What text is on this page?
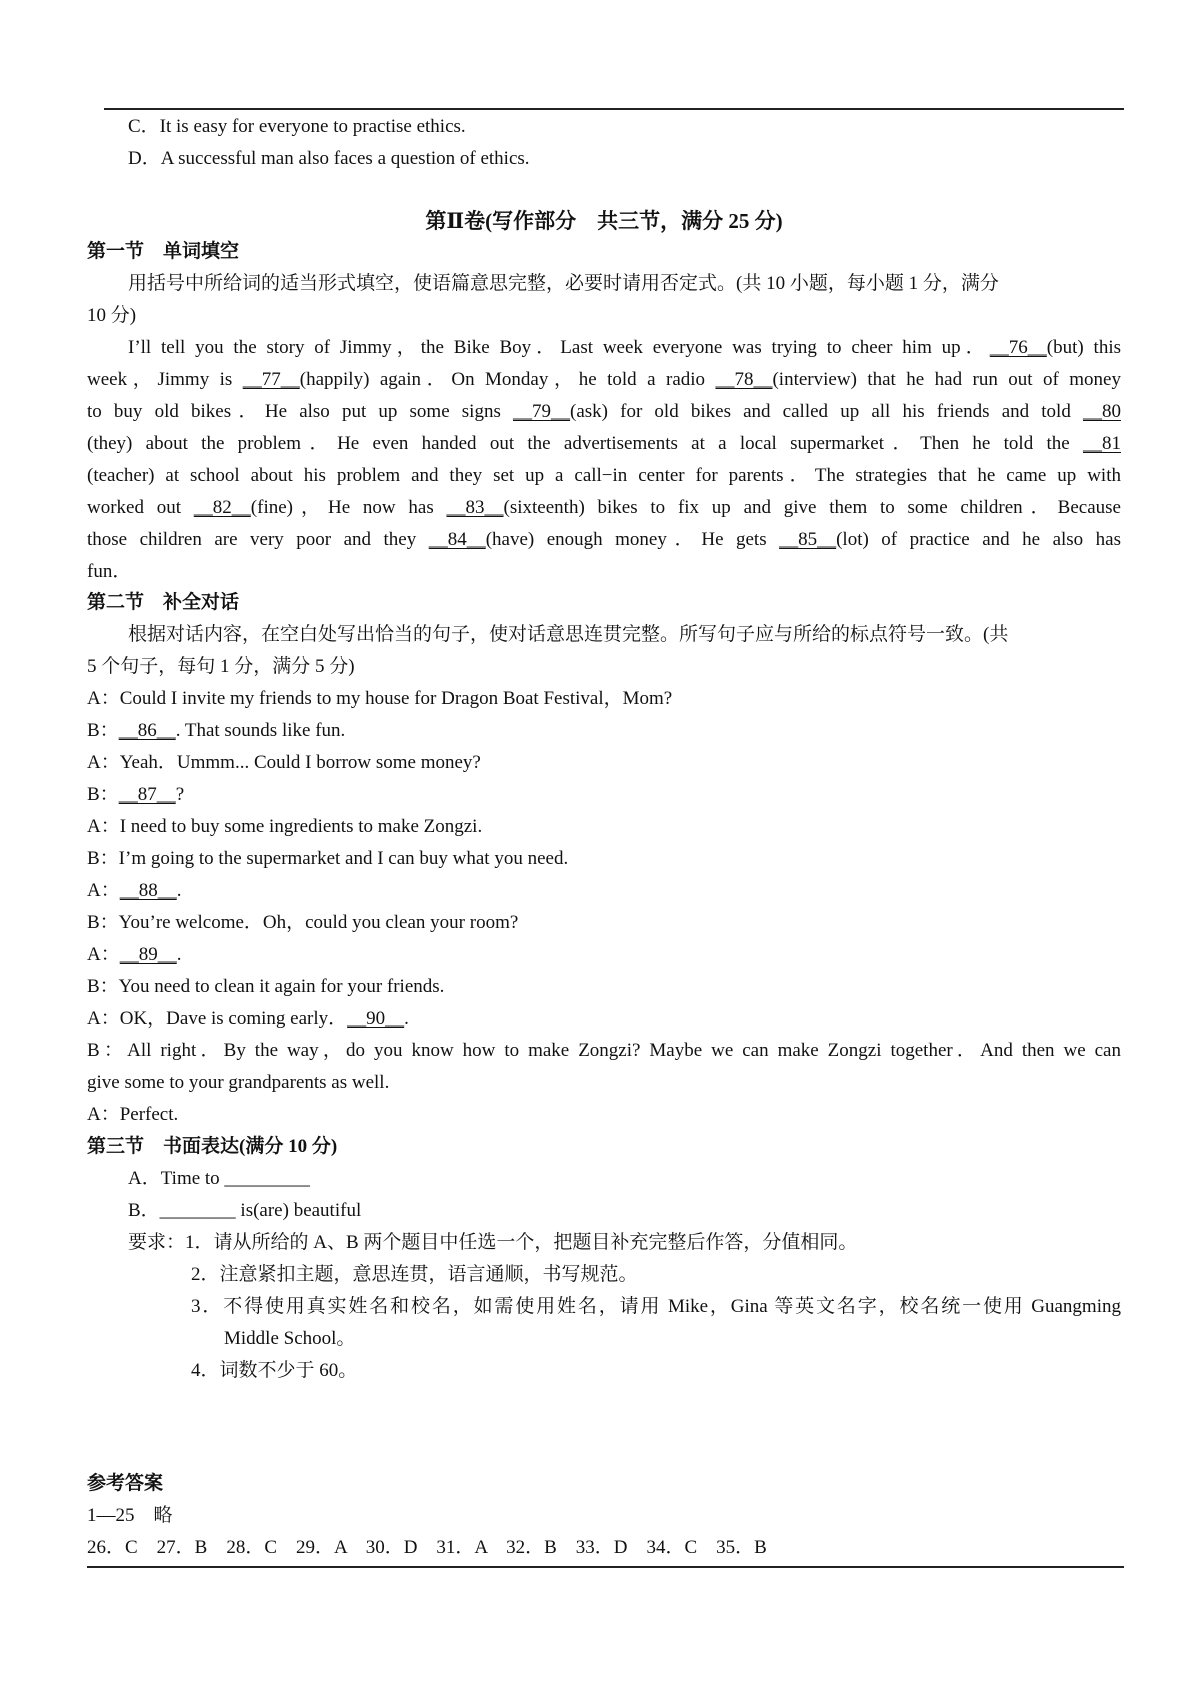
C．It is easy for everyone to practise ethics.
D．A successful man also faces a question of ethics.
第Ⅱ卷(写作部分　共三节，满分 25 分)
第一节　单词填空
用括号中所给词的适当形式填空，使语篇意思完整，必要时请用否定式。(共 10 小题，每小题 1 分，满分
10 分)
I’ll tell you the story of Jimmy，the Bike Boy．Last week everyone was trying to cheer him up．__76__(but) this
week，Jimmy is __77__(happily) again．On Monday，he told a radio __78__(interview) that he had run out of money
to buy old bikes．He also put up some signs __79__(ask) for old bikes and called up all his friends and told __80
(they) about the problem．He even handed out the advertisements at a local supermarket．Then he told the __81
(teacher) at school about his problem and they set up a call−in center for parents．The strategies that he came up with
worked out __82__(fine)，He now has __83__(sixteenth) bikes to fix up and give them to some children．Because
those children are very poor and they __84__(have) enough money．He gets __85__(lot) of practice and he also has
fun．
第二节　补全对话
根据对话内容，在空白处写出恰当的句子，使对话意思连贯完整。所写句子应与所给的标点符号一致。(共
5 个句子，每句 1 分，满分 5 分)
A：Could I invite my friends to my house for Dragon Boat Festival，Mom?
B：__86__. That sounds like fun.
A：Yeah．Ummm... Could I borrow some money?
B：__87__?
A：I need to buy some ingredients to make Zongzi.
B：I’m going to the supermarket and I can buy what you need.
A：__88__.
B：You’re welcome．Oh，could you clean your room?
A：__89__.
B：You need to clean it again for your friends.
A：OK，Dave is coming early．__90__.
B：All right．By the way，do you know how to make Zongzi? Maybe we can make Zongzi together．And then we can
give some to your grandparents as well.
A：Perfect.
第三节　书面表达(满分 10 分)
A．Time to _________
B．________ is(are) beautiful
要求：1．请从所给的 A、B 两个题目中任选一个，把题目补充完整后作答，分值相同。
2．注意紧扣主题，意思连贯，语言通顺，书写规范。
3．不得使用真实姓名和校名，如需使用姓名，请用 Mike，Gina 等英文名字，校名统一使用 Guangming
Middle School。
4．词数不少于 60。
参考答案
1—25　略
26．C　27．B　28．C　29．A　30．D　31．A　32．B　33．D　34．C　35．B
